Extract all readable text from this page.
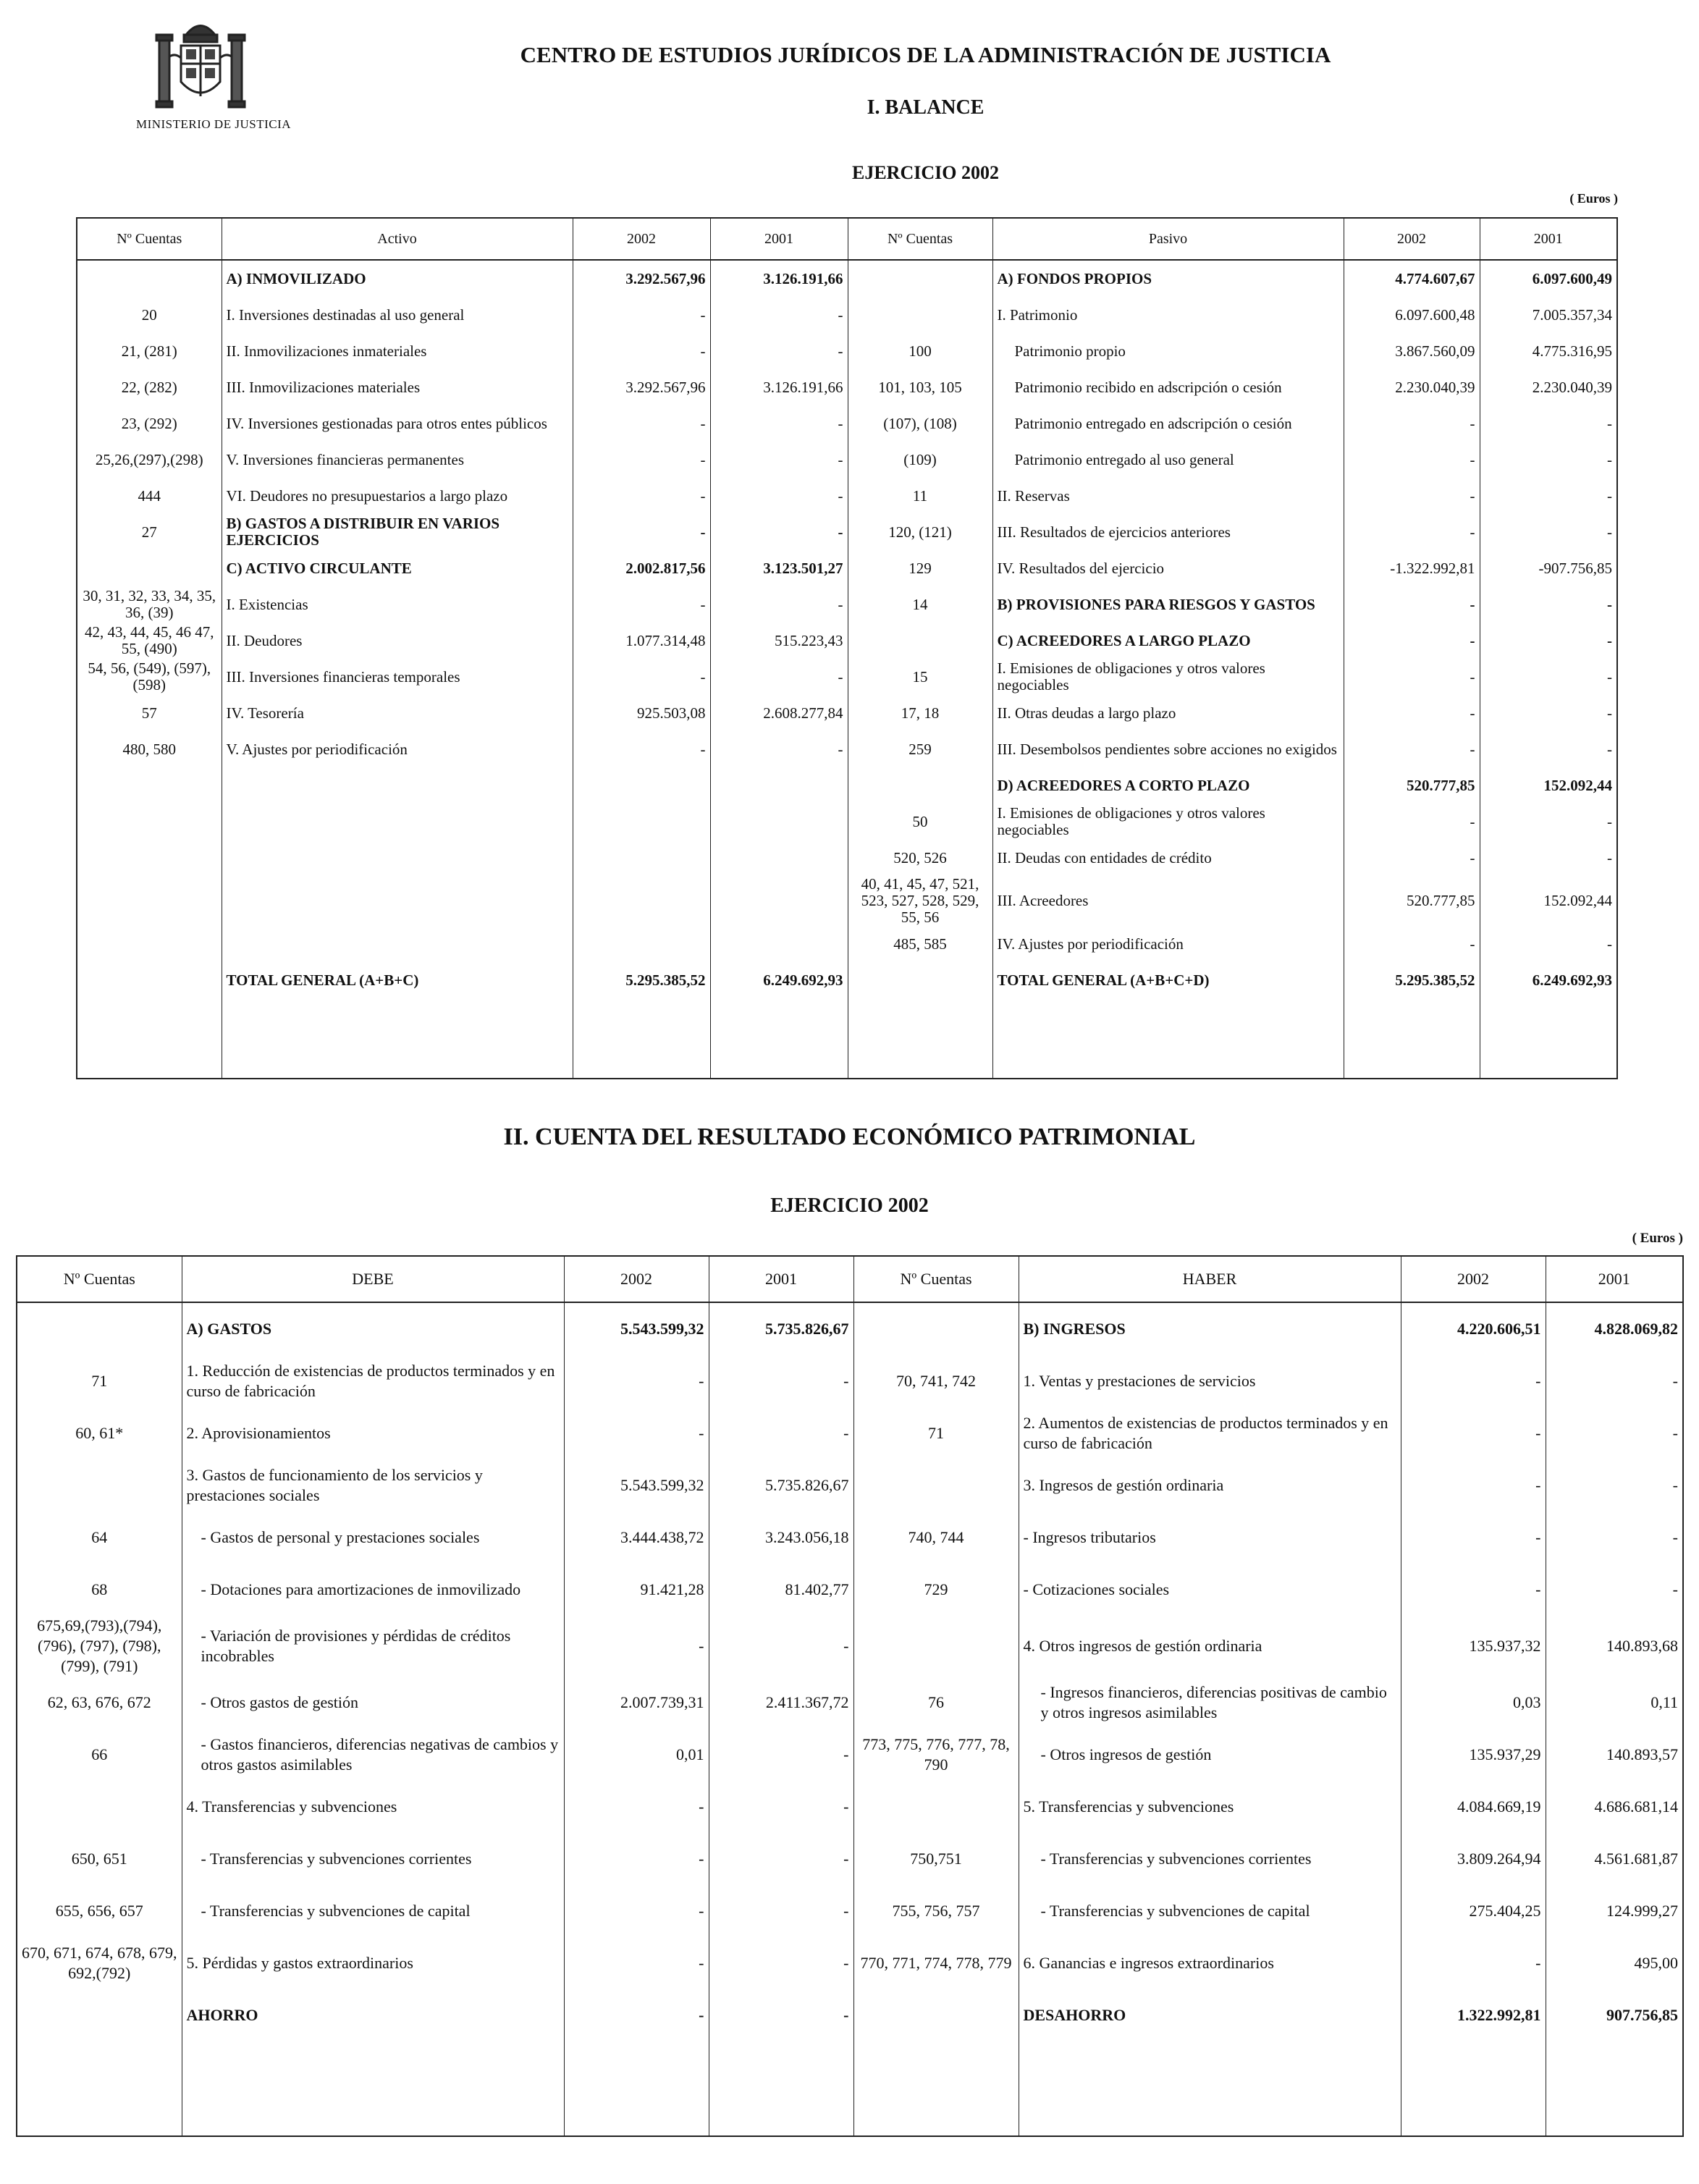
MINISTERIO DE JUSTICIA
CENTRO DE ESTUDIOS JURÍDICOS DE LA ADMINISTRACIÓN DE JUSTICIA
I. BALANCE
EJERCICIO 2002
( Euros )
Nº Cuentas	Activo	2002	2001	Nº Cuentas	Pasivo	2002	2001
	A) INMOVILIZADO	3.292.567,96	3.126.191,66		A) FONDOS PROPIOS	4.774.607,67	6.097.600,49
20	I. Inversiones destinadas al uso general	-	-		I. Patrimonio	6.097.600,48	7.005.357,34
21, (281)	II. Inmovilizaciones inmateriales	-	-	100	Patrimonio propio	3.867.560,09	4.775.316,95
22, (282)	III. Inmovilizaciones materiales	3.292.567,96	3.126.191,66	101, 103, 105	Patrimonio recibido en adscripción o cesión	2.230.040,39	2.230.040,39
23, (292)	IV. Inversiones gestionadas para otros entes públicos	-	-	(107), (108)	Patrimonio entregado en adscripción o cesión	-	-
25,26,(297),(298)	V. Inversiones financieras permanentes	-	-	(109)	Patrimonio entregado al uso general	-	-
444	VI. Deudores no presupuestarios a largo plazo	-	-	11	II. Reservas	-	-
27	B) GASTOS A DISTRIBUIR EN VARIOS EJERCICIOS	-	-	120, (121)	III. Resultados de ejercicios anteriores	-	-
	C) ACTIVO CIRCULANTE	2.002.817,56	3.123.501,27	129	IV. Resultados del ejercicio	-1.322.992,81	-907.756,85
30, 31, 32, 33, 34, 35, 36, (39)	I. Existencias	-	-	14	B) PROVISIONES PARA RIESGOS Y GASTOS	-	-
42, 43, 44, 45, 46 47, 55, (490)	II. Deudores	1.077.314,48	515.223,43		C) ACREEDORES A LARGO PLAZO	-	-
54, 56, (549), (597), (598)	III. Inversiones financieras temporales	-	-	15	I. Emisiones de obligaciones y otros valores negociables	-	-
57	IV. Tesorería	925.503,08	2.608.277,84	17, 18	II. Otras deudas a largo plazo	-	-
480, 580	V. Ajustes por periodificación	-	-	259	III. Desembolsos pendientes sobre acciones no exigidos	-	-
					D) ACREEDORES A CORTO PLAZO	520.777,85	152.092,44
				50	I. Emisiones de obligaciones y otros valores negociables	-	-
				520, 526	II. Deudas con entidades de crédito	-	-
				40, 41, 45, 47, 521, 523, 527, 528, 529, 55, 56	III. Acreedores	520.777,85	152.092,44
				485, 585	IV. Ajustes por periodificación	-	-
	TOTAL GENERAL (A+B+C)	5.295.385,52	6.249.692,93		TOTAL GENERAL (A+B+C+D)	5.295.385,52	6.249.692,93

II. CUENTA DEL RESULTADO ECONÓMICO PATRIMONIAL
EJERCICIO 2002
( Euros )
Nº Cuentas	DEBE	2002	2001	Nº Cuentas	HABER	2002	2001
	A) GASTOS	5.543.599,32	5.735.826,67		B) INGRESOS	4.220.606,51	4.828.069,82
71	1. Reducción de existencias de productos terminados y en curso de fabricación	-	-	70, 741, 742	1. Ventas y prestaciones de servicios	-	-
60, 61*	2. Aprovisionamientos	-	-	71	2. Aumentos de existencias de productos terminados y en curso de fabricación	-	-
	3. Gastos de funcionamiento de los servicios y prestaciones sociales	5.543.599,32	5.735.826,67		3. Ingresos de gestión ordinaria	-	-
64	- Gastos de personal y prestaciones sociales	3.444.438,72	3.243.056,18	740, 744	- Ingresos tributarios	-	-
68	- Dotaciones para amortizaciones de inmovilizado	91.421,28	81.402,77	729	- Cotizaciones sociales	-	-
675,69,(793),(794), (796), (797), (798), (799), (791)	- Variación de provisiones y pérdidas de créditos incobrables	-	-		4. Otros ingresos de gestión ordinaria	135.937,32	140.893,68
62, 63, 676, 672	- Otros gastos de gestión	2.007.739,31	2.411.367,72	76	- Ingresos financieros, diferencias positivas de cambio y otros ingresos asimilables	0,03	0,11
66	- Gastos financieros, diferencias negativas de cambios y otros gastos asimilables	0,01	-	773, 775, 776, 777, 78, 790	- Otros ingresos de gestión	135.937,29	140.893,57
	4. Transferencias y subvenciones	-	-		5. Transferencias y subvenciones	4.084.669,19	4.686.681,14
650, 651	- Transferencias y subvenciones corrientes	-	-	750,751	- Transferencias y subvenciones corrientes	3.809.264,94	4.561.681,87
655, 656, 657	- Transferencias y subvenciones de capital	-	-	755, 756, 757	- Transferencias y subvenciones de capital	275.404,25	124.999,27
670, 671, 674, 678, 679, 692,(792)	5. Pérdidas y gastos extraordinarios	-	-	770, 771, 774, 778, 779	6. Ganancias e ingresos extraordinarios	-	495,00
	AHORRO	-	-		DESAHORRO	1.322.992,81	907.756,85
